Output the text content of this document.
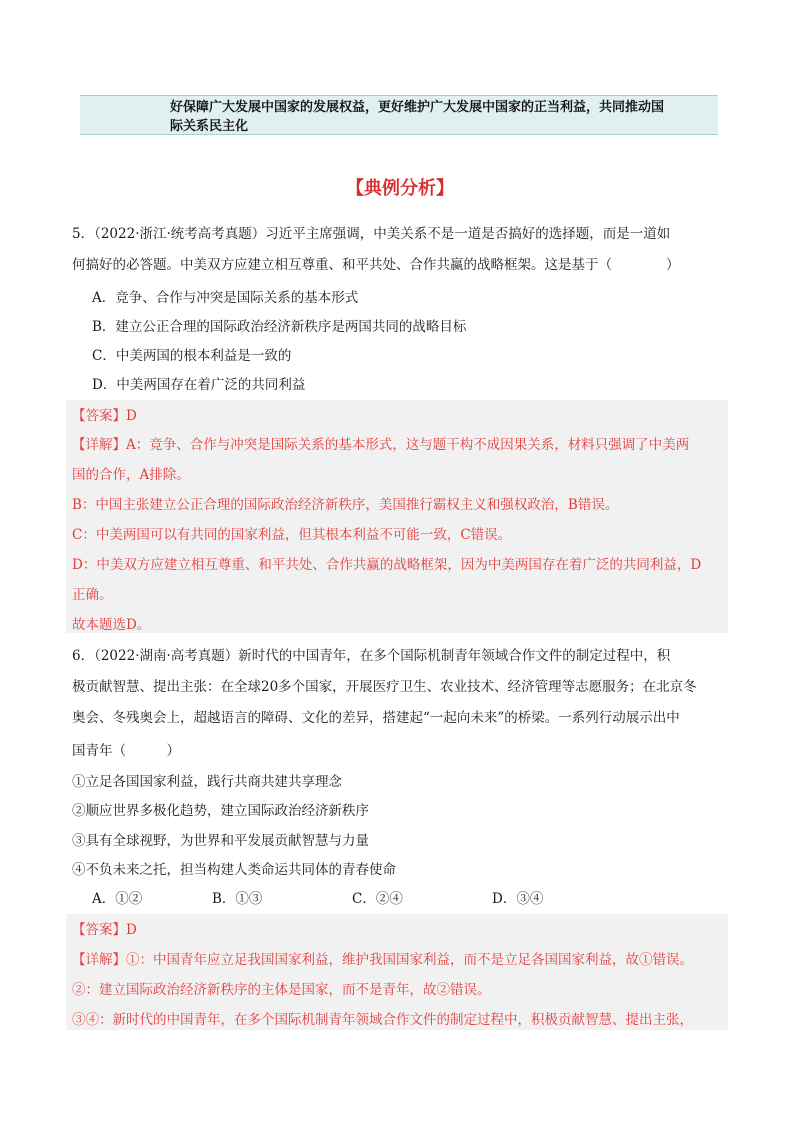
好保障广大发展中国家的发展权益，更好维护广大发展中国家的正当利益，共同推动国
际关系民主化
【典例分析】
5．（2022·浙江·统考高考真题）习近平主席强调，中美关系不是一道是否搞好的选择题，而是一道如
何搞好的必答题。中美双方应建立相互尊重、和平共处、合作共赢的战略框架。这是基于（　　　　）
A．竞争、合作与冲突是国际关系的基本形式
B．建立公正合理的国际政治经济新秩序是两国共同的战略目标
C．中美两国的根本利益是一致的
D．中美两国存在着广泛的共同利益
【答案】D
【详解】A：竞争、合作与冲突是国际关系的基本形式，这与题干构不成因果关系，材料只强调了中美两
国的合作，A排除。
B：中国主张建立公正合理的国际政治经济新秩序，美国推行霸权主义和强权政治，B错误。
C：中美两国可以有共同的国家利益，但其根本利益不可能一致，C错误。
D：中美双方应建立相互尊重、和平共处、合作共赢的战略框架，因为中美两国存在着广泛的共同利益，D
正确。
故本题选D。
6．（2022·湖南·高考真题）新时代的中国青年，在多个国际机制青年领域合作文件的制定过程中，积
极贡献智慧、提出主张：在全球20多个国家，开展医疗卫生、农业技术、经济管理等志愿服务；在北京冬
奥会、冬残奥会上，超越语言的障碍、文化的差异，搭建起“一起向未来”的桥梁。一系列行动展示出中
国青年（　　　）
①立足各国国家利益，践行共商共建共享理念
②顺应世界多极化趋势，建立国际政治经济新秩序
③具有全球视野，为世界和平发展贡献智慧与力量
④不负未来之托，担当构建人类命运共同体的青春使命
A．①②	B．①③	C．②④	D．③④
【答案】D
【详解】①：中国青年应立足我国国家利益，维护我国国家利益，而不是立足各国国家利益，故①错误。
②：建立国际政治经济新秩序的主体是国家，而不是青年，故②错误。
③④：新时代的中国青年，在多个国际机制青年领域合作文件的制定过程中，积极贡献智慧、提出主张，
